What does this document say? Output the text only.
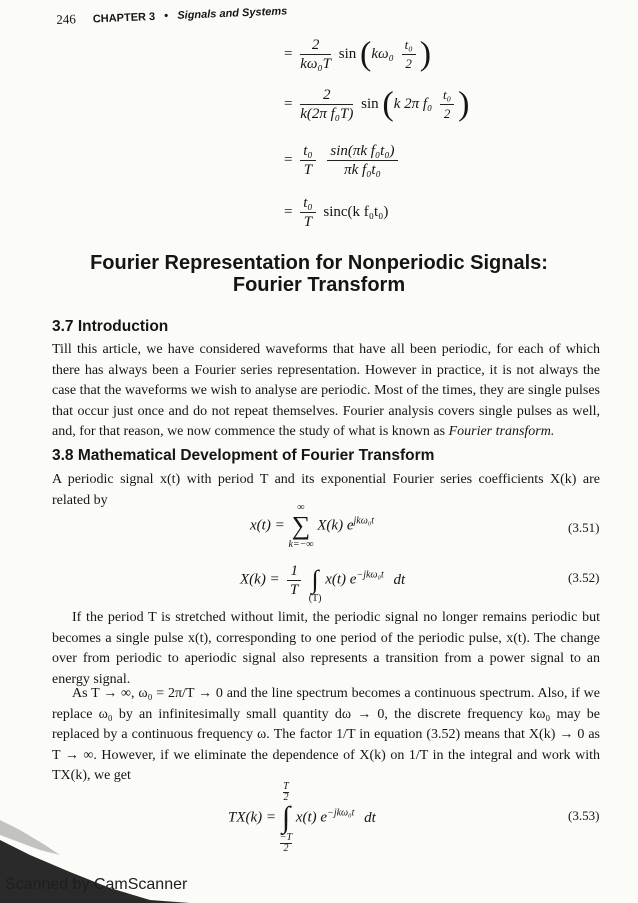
246 CHAPTER 3 • Signals and Systems
= $\frac{2}{\text{kω₀T}}$ $\sin (k\omega_0 \frac{\text{t₀}}{2}$ )
= $\frac{2}{\text{k(2π f₀T)}}$ sin (k 2π $f_0 \frac{\text{t₀}}{2}$ )
= $\frac{\text{t₀}}{T}$
$\frac{\text{sin(πk f₀t₀)}}{\text{πk f₀t₀}}$
= $\frac{\text{t₀}}{T} \sin c(k$ f₀t₀)
Fourier Representation for Nonperiodic Signals:
Fourier Transform
3.7 Introduction

Till this article, we have considered waveforms that have all been periodic, for each of which there has always been a Fourier series representation. However in practice, it is not always the case that the waveforms we wish to analyse are periodic. Most of the times, they are single pulses that occur just once and do not repeat themselves. Fourier analysis covers single pulses as well, and, for that reason, we now commence the study of what is known as Fourier transform.

3.8 Mathematical Development of Fourier Transform
A periodic signal x(t) with period T and its exponential Fourier series coefficients X(k) are related by
x(t) =
∞
∑
k=−∞
X(k) $e^{jk\omega_0t}$	(3.51)
$X(k) = \frac{1}{T}$

∫
(T)
x(t) $e^{-jk\omega_0t}$ dt	(3.52)
If the period T is stretched without limit, the periodic signal no longer remains periodic but becomes a single pulse x(t), corresponding to one period of the periodic pulse, x(t). The change over from periodic to aperiodic signal also represents a transition from a power signal to an energy signal.
As T → ∞, ω₀ = 2π/T → 0 and the line spectrum becomes a continuous spectrum. Also, if we replace ω₀ by an infinitesimally small quantity dω → 0, the discrete frequency kω₀ may be replaced by a continuous frequency ω. The factor 1/T in equation (3.52) means that X(k) → 0 as T → ∞. However, if we eliminate the dependence of X(k) on 1/T in the integral and work with TX(k), we get
TX(k) =
$\frac{T}{2}$
∫
$\frac{-T}{2} x(t)$ $e^{-jk\omega_0t}$ dt	(3.53)
Scanned by CamScanner
